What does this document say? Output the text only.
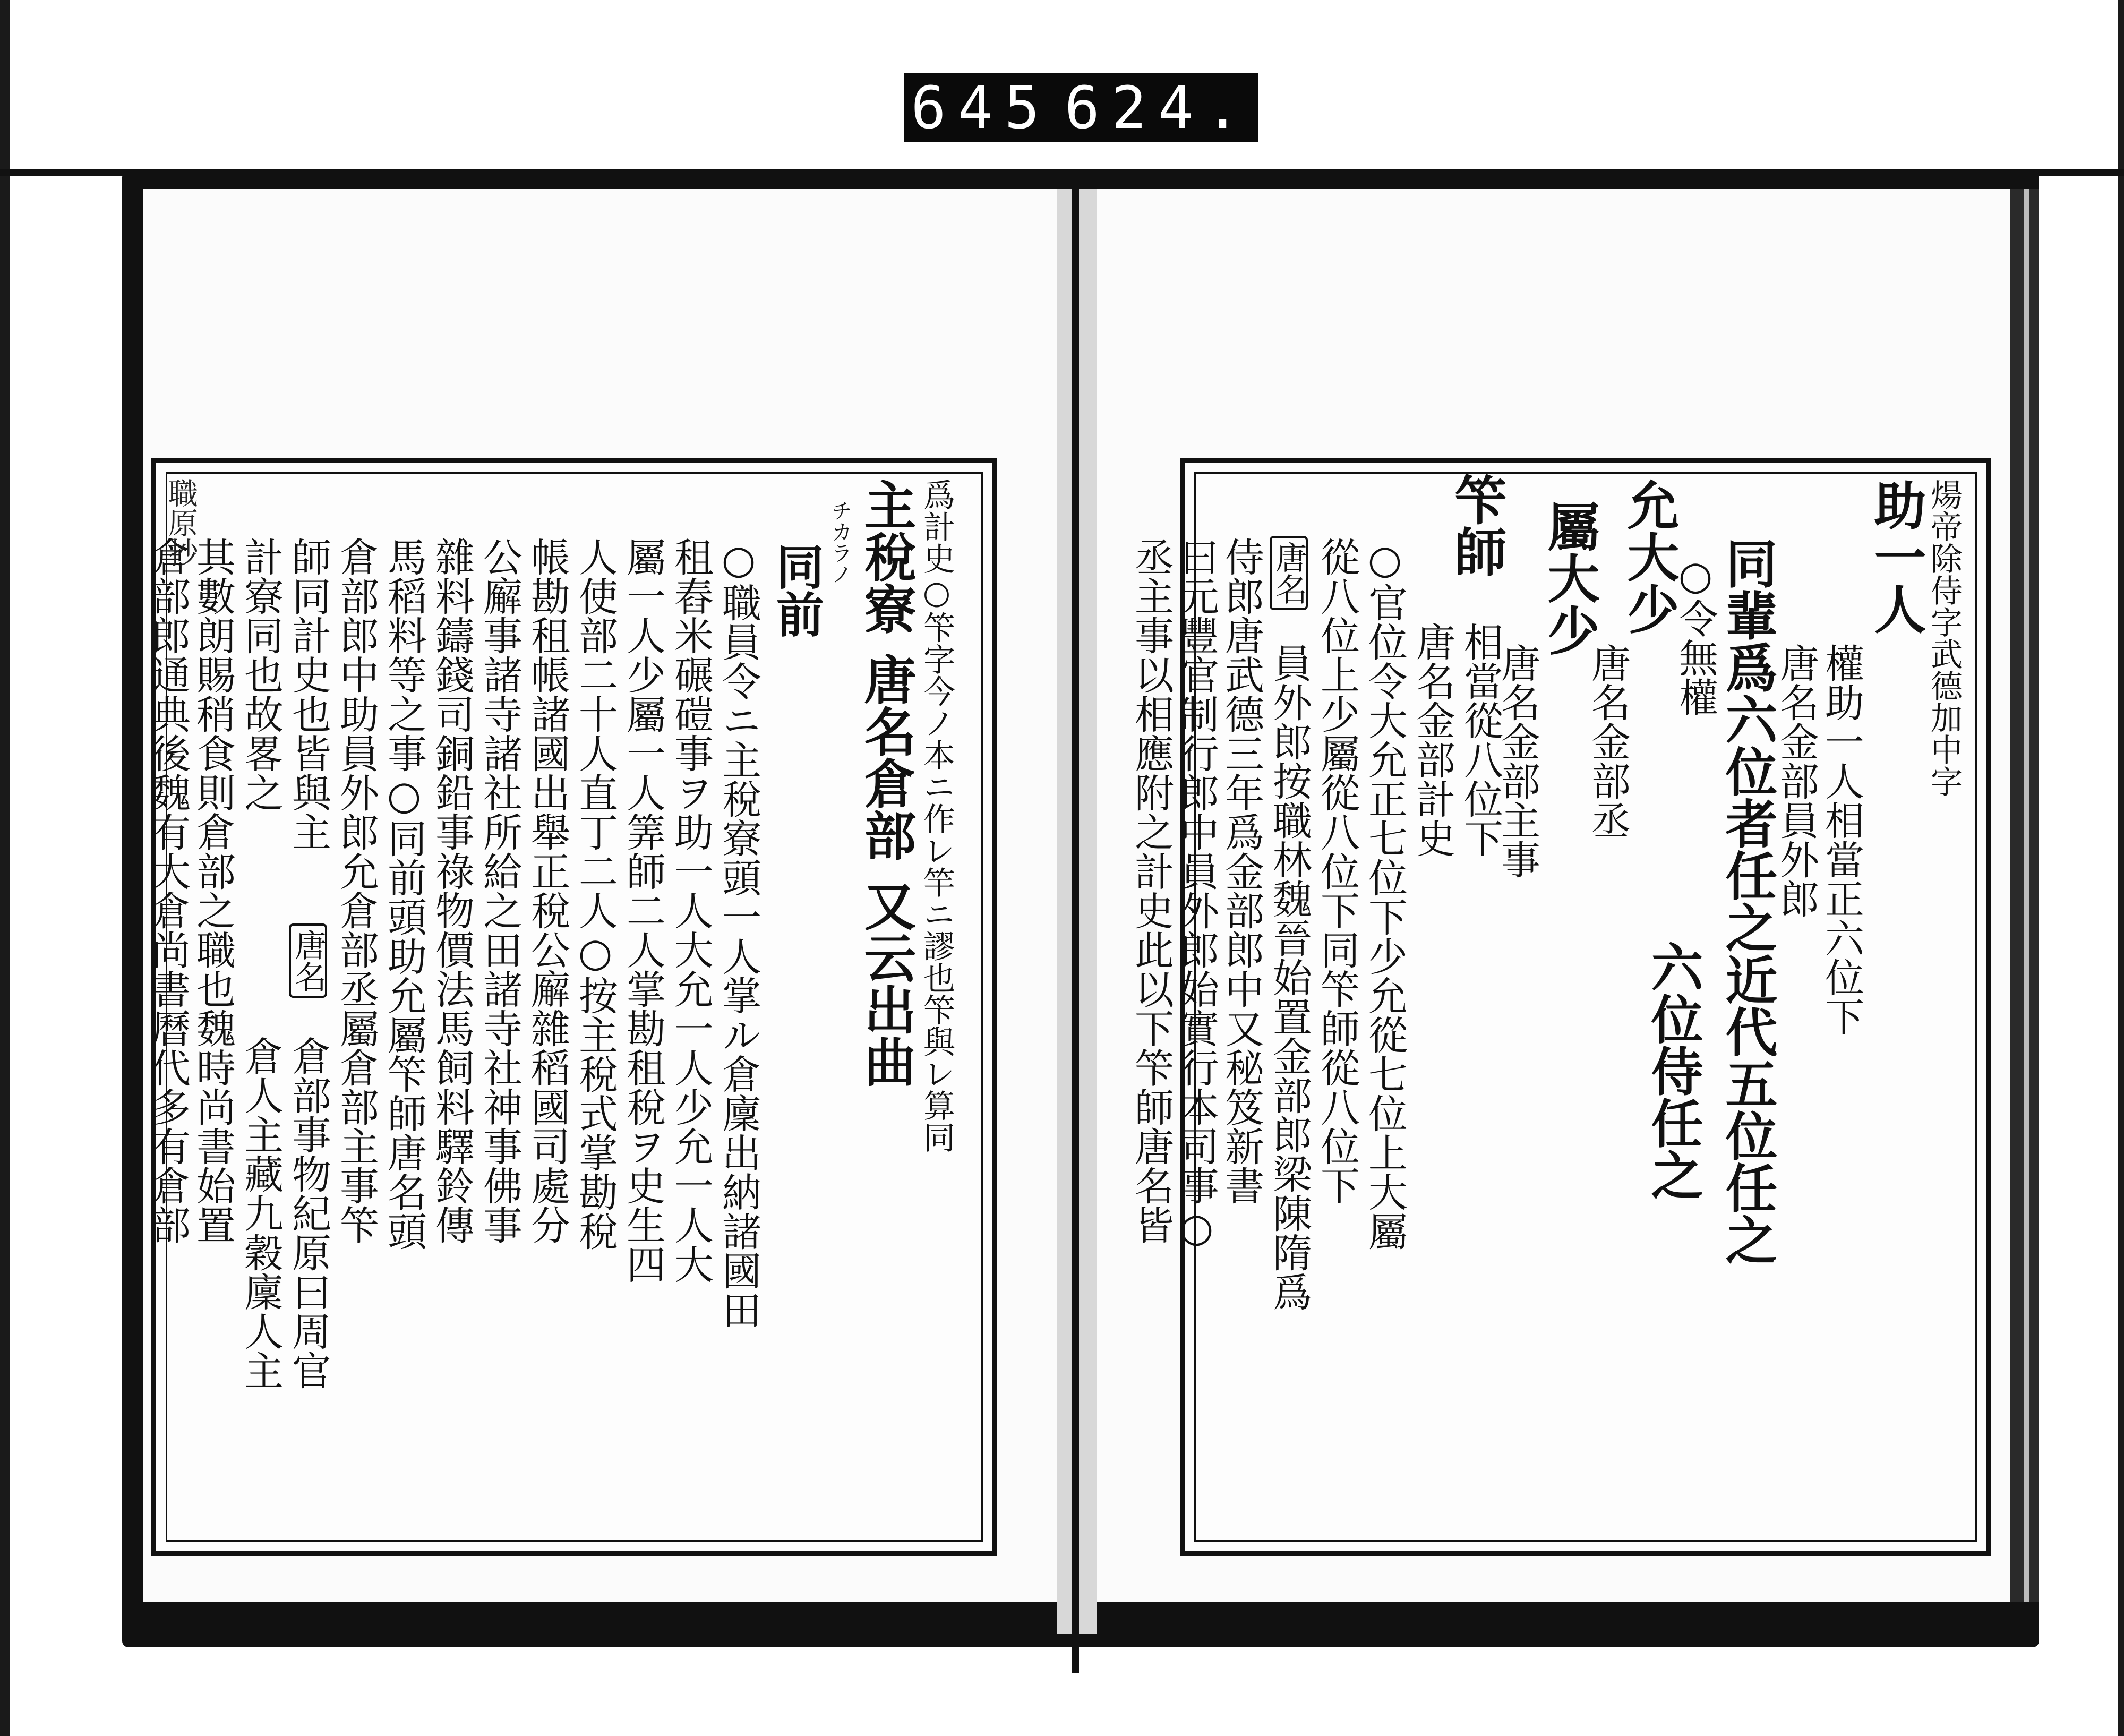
645 624.
爲計史○笇字今ノ本ニ作レ竿ニ謬也笇與レ算同
主稅寮 唐名倉部 又云出曲
チカラノ
同前
○職員令ニ主稅寮頭一人掌ル倉廩出納諸國田
租舂米碾磑事ヲ助一人大允一人少允一人大
屬一人少屬一人筭師二人掌勘租稅ヲ史生四
人使部二十人直丁二人○按主稅式掌勘稅
帳勘租帳諸國出舉正稅公廨雜稻國司處分
公廨事諸寺諸社所給之田諸寺社神事佛事
雜料鑄錢司銅鉛事祿物價法馬飼料驛鈴傳
馬稻料等之事○同前頭助允屬笇師唐名頭
倉部郎中助員外郎允倉部丞屬倉部主事笇
師同計史也皆與主
唐名
倉部事物紀原曰周官
計寮同也故畧之
倉人主藏九穀廩人主
其數朗賜稍食則倉部之職也魏時尚書始置
倉部郎通典後魏有大倉尚書曆代多有倉部
職原抄	煬帝除侍字武德加中字
助一人
權助一人相當正六位下
唐名金部員外郎
同輩爲六位者任之近代五位任之
○令無權
允大少
唐名金部丞
六位侍任之
屬大少
唐名金部主事
笇師
相當從八位下
唐名金部計史
○官位令大允正七位下少允從七位上大屬
從八位上少屬從八位下同笇師從八位下
唐名
員外郎按職林魏晉始置金部郎梁陳隋爲
侍郎唐武德三年爲金部郎中又秘笈新書
曰元豐官制行郎中員外郎始實行本司事○
丞主事以相應附之計史此以下笇師唐名皆
